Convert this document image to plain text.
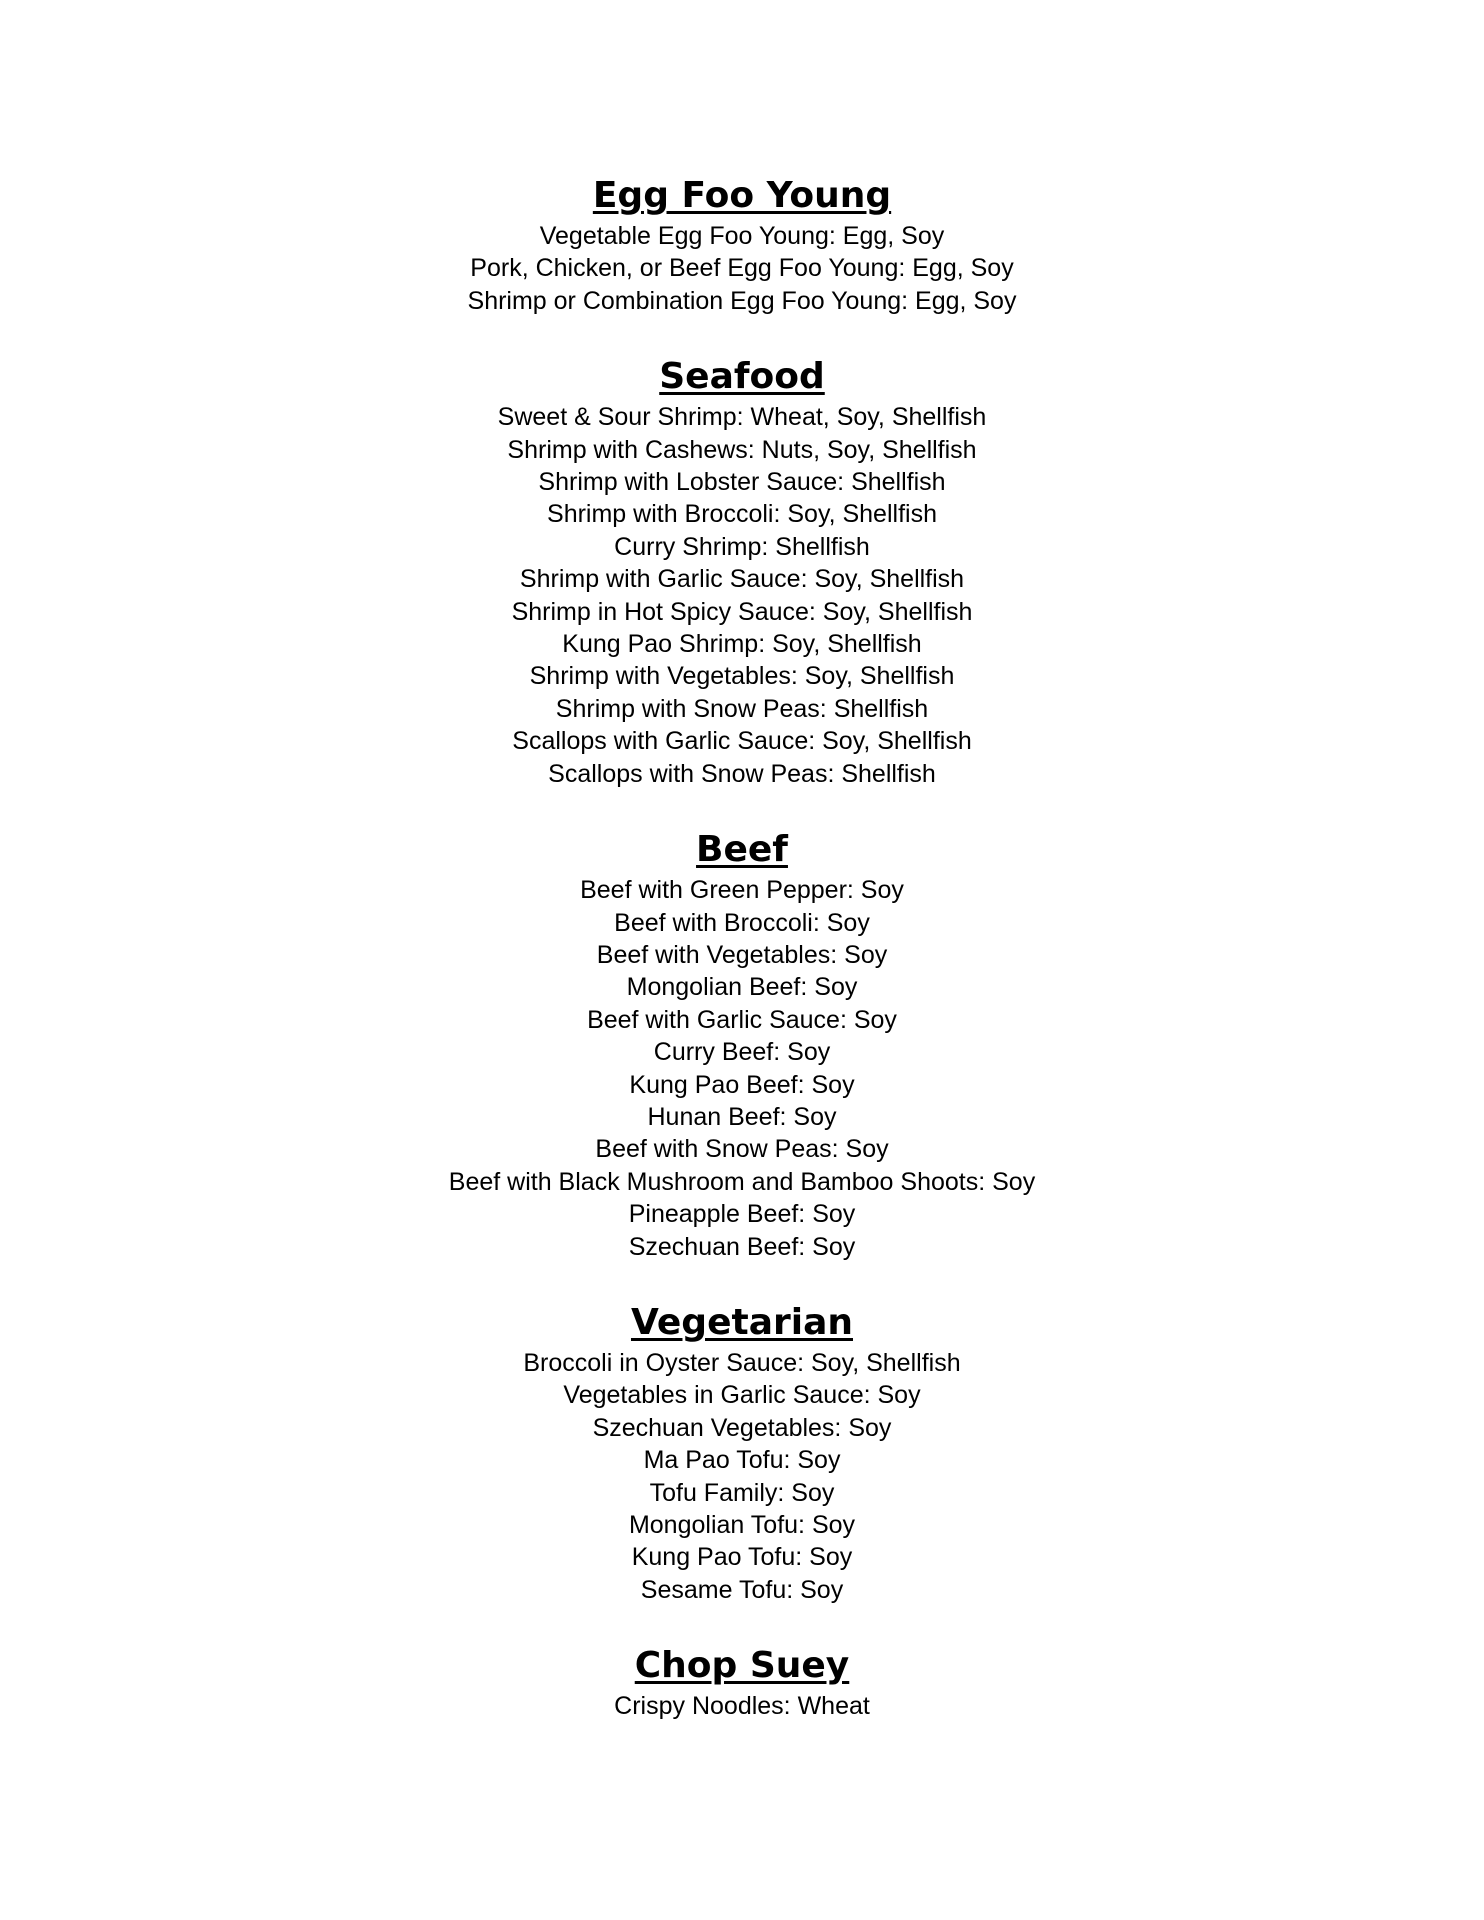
Egg Foo Young
Vegetable Egg Foo Young: Egg, Soy
Pork, Chicken, or Beef Egg Foo Young: Egg, Soy
Shrimp or Combination Egg Foo Young: Egg, Soy
Seafood
Sweet & Sour Shrimp: Wheat, Soy, Shellfish
Shrimp with Cashews: Nuts, Soy, Shellfish
Shrimp with Lobster Sauce: Shellfish
Shrimp with Broccoli: Soy, Shellfish
Curry Shrimp: Shellfish
Shrimp with Garlic Sauce: Soy, Shellfish
Shrimp in Hot Spicy Sauce: Soy, Shellfish
Kung Pao Shrimp: Soy, Shellfish
Shrimp with Vegetables: Soy, Shellfish
Shrimp with Snow Peas: Shellfish
Scallops with Garlic Sauce: Soy, Shellfish
Scallops with Snow Peas: Shellfish
Beef
Beef with Green Pepper: Soy
Beef with Broccoli: Soy
Beef with Vegetables: Soy
Mongolian Beef: Soy
Beef with Garlic Sauce: Soy
Curry Beef: Soy
Kung Pao Beef: Soy
Hunan Beef: Soy
Beef with Snow Peas: Soy
Beef with Black Mushroom and Bamboo Shoots: Soy
Pineapple Beef: Soy
Szechuan Beef: Soy
Vegetarian
Broccoli in Oyster Sauce: Soy, Shellfish
Vegetables in Garlic Sauce: Soy
Szechuan Vegetables: Soy
Ma Pao Tofu: Soy
Tofu Family: Soy
Mongolian Tofu: Soy
Kung Pao Tofu: Soy
Sesame Tofu: Soy
Chop Suey
Crispy Noodles: Wheat
